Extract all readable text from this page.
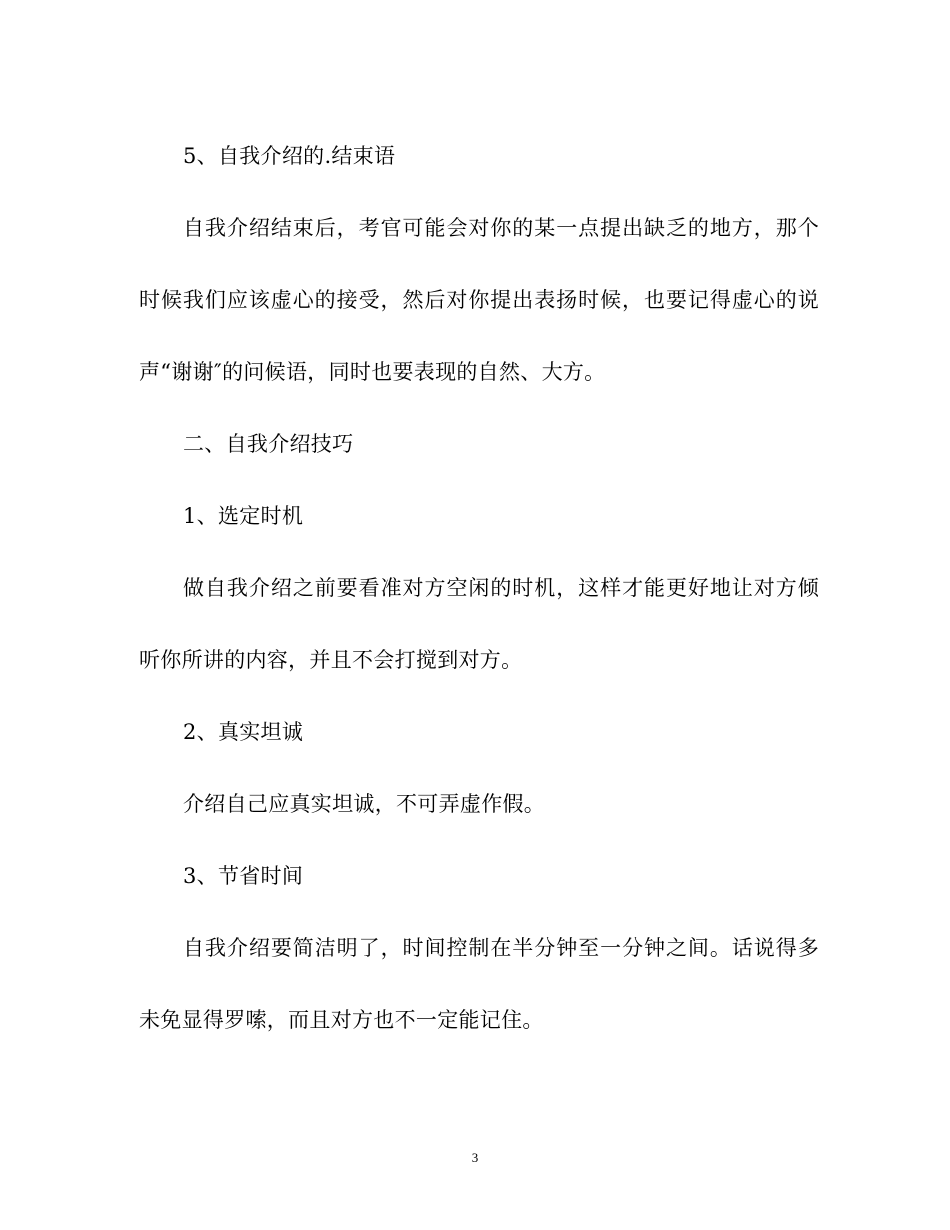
5、自我介绍的.结束语

自我介绍结束后，考官可能会对你的某一点提出缺乏的地方，那个时候我们应该虚心的接受，然后对你提出表扬时候，也要记得虚心的说声“谢谢″的问候语，同时也要表现的自然、大方。

二、自我介绍技巧

1、选定时机

做自我介绍之前要看准对方空闲的时机，这样才能更好地让对方倾听你所讲的内容，并且不会打搅到对方。

2、真实坦诚

介绍自己应真实坦诚，不可弄虚作假。

3、节省时间

自我介绍要简洁明了，时间控制在半分钟至一分钟之间。话说得多未免显得罗嗦，而且对方也不一定能记住。

3
